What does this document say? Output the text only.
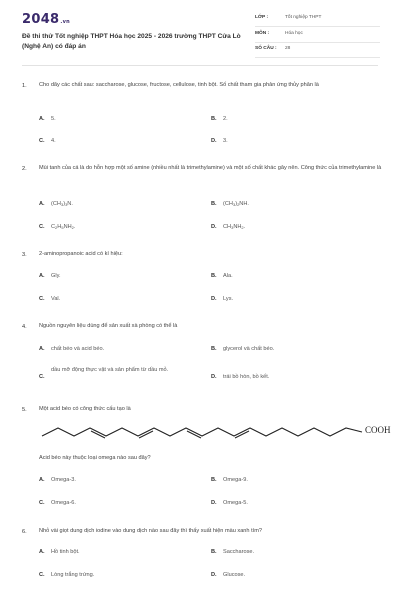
2048.vn
Đề thi thử Tốt nghiệp THPT Hóa học 2025 - 2026 trường THPT Cửa Lò (Nghệ An) có đáp án
LỚP :	Tốt nghiệp THPT
MÔN :	Hóa học
SỐ CÂU : 28
1. Cho dãy các chất sau: saccharose, glucose, fructose, cellulose, tinh bột. Số chất tham gia phản ứng thủy phân là
A. 5.	B. 2.
C. 4.	D. 3.
2. Mùi tanh của cá là do hỗn hợp một số amine (nhiều nhất là trimethylamine) và một số chất khác gây nên. Công thức của trimethylamine là
A. $(CH_3)_3N$.	B. $(CH_3)_2NH$.
C. $C_2H_5NH_2$.	D. $CH_3NH_2$.
3. 2-aminopropanoic acid có kí hiệu:
A. Gly.	B. Ala.
C. Val.	D. Lys.
4. Nguồn nguyên liệu dùng để sản xuất xà phòng có thể là
A. chất béo và acid béo.	B. glycerol và chất béo.
C.dầu mỡ động thực vật và sản phẩm từ dầu mỏ.
D. trái bồ hòn, bồ kết.
5. Một acid béo có công thức cấu tạo là
COOH
Acid béo này thuộc loại omega nào sau đây?
A. Omega-3.	B. Omega-9.
C. Omega-6.	D. Omega-5.
6. Nhỏ vài giọt dung dịch iodine vào dung dịch nào sau đây thì thấy xuất hiện màu xanh tím?
A. Hồ tinh bột.	B. Saccharose.
C. Lòng trắng trứng.	D. Glucose.
